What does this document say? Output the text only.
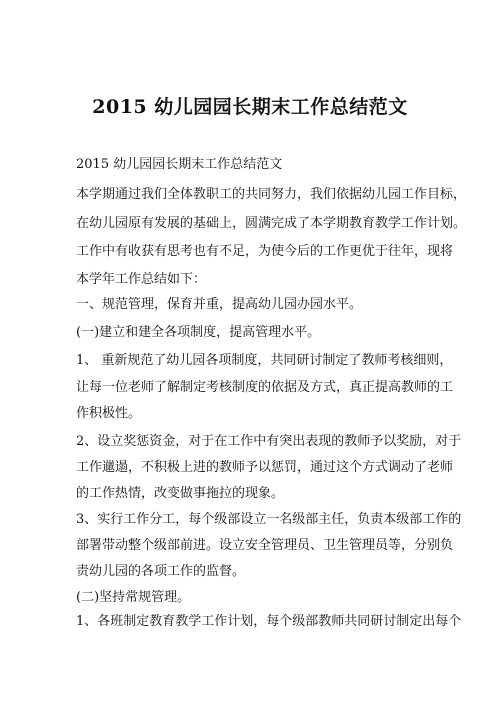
2015 幼儿园园长期末工作总结范文

2015 幼儿园园长期末工作总结范文

本学期通过我们全体教职工的共同努力，我们依据幼儿园工作目标，

在幼儿园原有发展的基础上，圆满完成了本学期教育教学工作计划。

工作中有收获有思考也有不足，为使今后的工作更优于往年，现将

本学年工作总结如下：

一、规范管理，保育并重，提高幼儿园办园水平。

(一)建立和建全各项制度，提高管理水平。

1、 重新规范了幼儿园各项制度，共同研讨制定了教师考核细则，

让每一位老师了解制定考核制度的依据及方式，真正提高教师的工

作积极性。

2、设立奖惩资金，对于在工作中有突出表现的教师予以奖励，对于

工作邋遢，不积极上进的教师予以惩罚，通过这个方式调动了老师

的工作热情，改变做事拖拉的现象。

3、实行工作分工，每个级部设立一名级部主任，负责本级部工作的

部署带动整个级部前进。设立安全管理员、卫生管理员等，分别负

责幼儿园的各项工作的监督。

(二)坚持常规管理。

1、各班制定教育教学工作计划，每个级部教师共同研讨制定出每个
